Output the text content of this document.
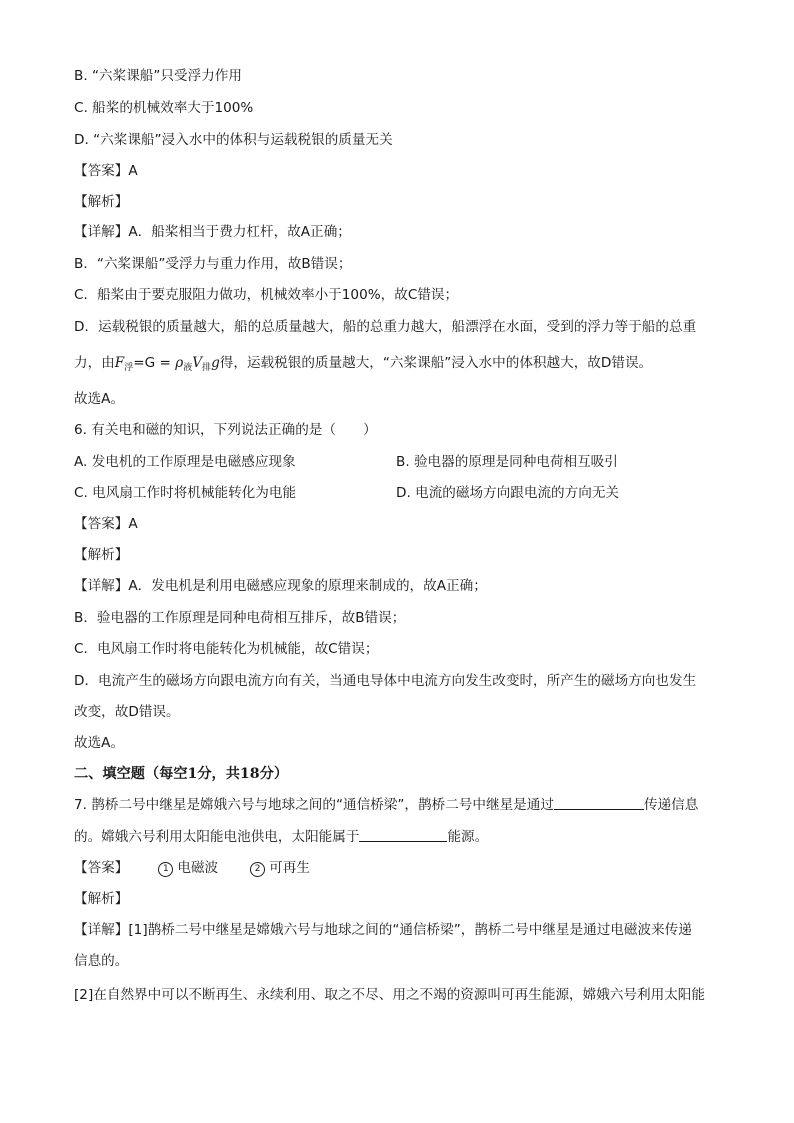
B. “六桨课船”只受浮力作用
C. 船桨的机械效率大于100%
D. “六桨课船”浸入水中的体积与运载税银的质量无关
【答案】A
【解析】
【详解】A．船桨相当于费力杠杆，故A正确；
B．“六桨课船”受浮力与重力作用，故B错误；
C．船桨由于要克服阻力做功，机械效率小于100%，故C错误；
D．运载税银的质量越大，船的总质量越大，船的总重力越大，船漂浮在水面，受到的浮力等于船的总重
力，由$F_浮=G = \rho_液V_排g$得，运载税银的质量越大，“六桨课船”浸入水中的体积越大，故D错误。
故选A。
6. 有关电和磁的知识，下列说法正确的是（　　）
A. 发电机的工作原理是电磁感应现象	B. 验电器的原理是同种电荷相互吸引
C. 电风扇工作时将机械能转化为电能	D. 电流的磁场方向跟电流的方向无关
【答案】A
【解析】
【详解】A．发电机是利用电磁感应现象的原理来制成的，故A正确；
B．验电器的工作原理是同种电荷相互排斥，故B错误；
C．电风扇工作时将电能转化为机械能，故C错误；
D．电流产生的磁场方向跟电流方向有关，当通电导体中电流方向发生改变时，所产生的磁场方向也发生
改变，故D错误。
故选A。
二、填空题（每空1分，共18分）
7. 鹊桥二号中继星是嫦娥六号与地球之间的“通信桥梁”，鹊桥二号中继星是通过	传递信息
的。嫦娥六号利用太阳能电池供电，太阳能属于	能源。
【答案】	1 电磁波	2 可再生
【解析】
【详解】[1]鹊桥二号中继星是嫦娥六号与地球之间的“通信桥梁”，鹊桥二号中继星是通过电磁波来传递
信息的。
[2]在自然界中可以不断再生、永续利用、取之不尽、用之不竭的资源叫可再生能源，嫦娥六号利用太阳能
